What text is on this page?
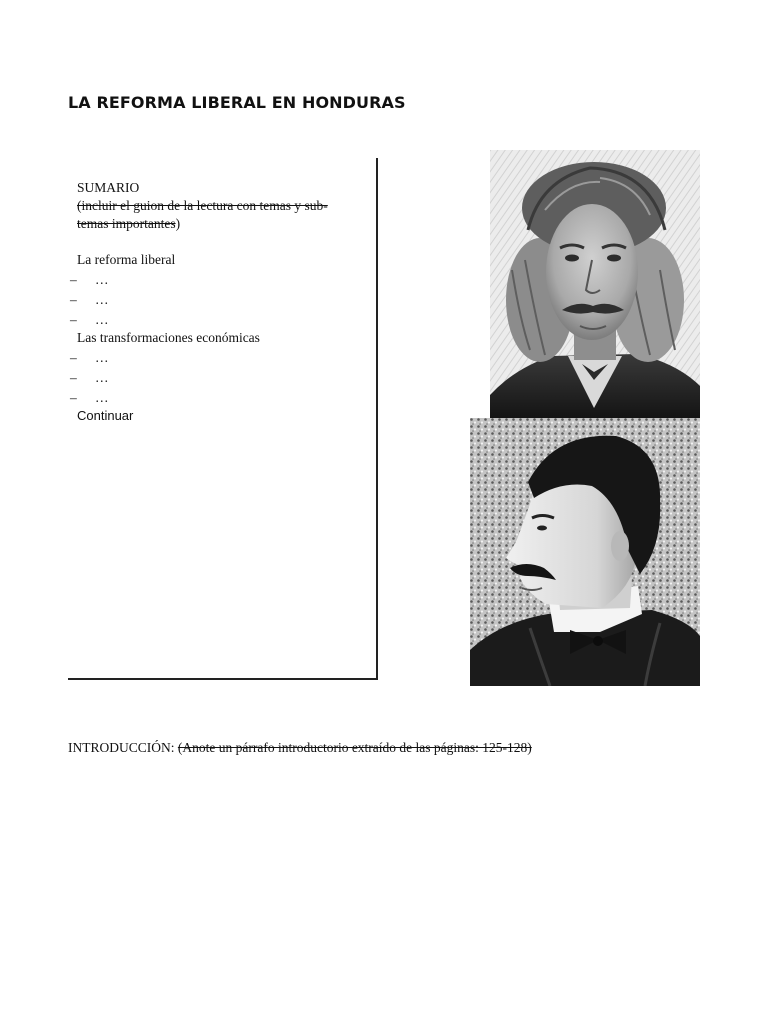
LA REFORMA LIBERAL EN HONDURAS
SUMARIO
(incluir el guion de la lectura con temas y sub-
temas importantes)
La reforma liberal
– …
– …
– …
Las transformaciones económicas
– …
– …
– …
Continuar
INTRODUCCIÓN: (Anote un párrafo introductorio extraído de las páginas: 125-128)
